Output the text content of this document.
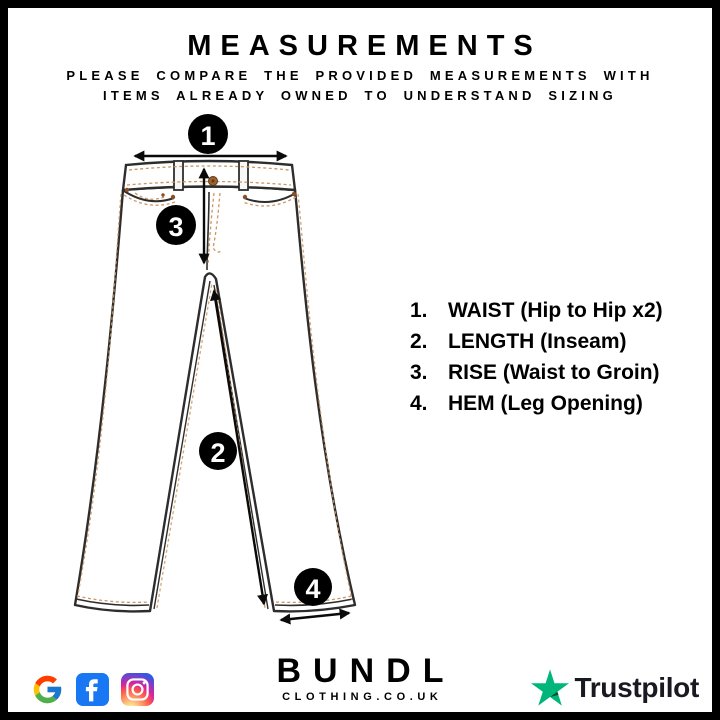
MEASUREMENTS

PLEASE COMPARE THE PROVIDED MEASUREMENTS WITH
ITEMS ALREADY OWNED TO UNDERSTAND SIZING

1
3
2
4
1. WAIST (Hip to Hip x2)
2. LENGTH (Inseam)
3. RISE (Waist to Groin)
4. HEM (Leg Opening)

BUNDL

CLOTHING.CO.UK	Trustpilot
